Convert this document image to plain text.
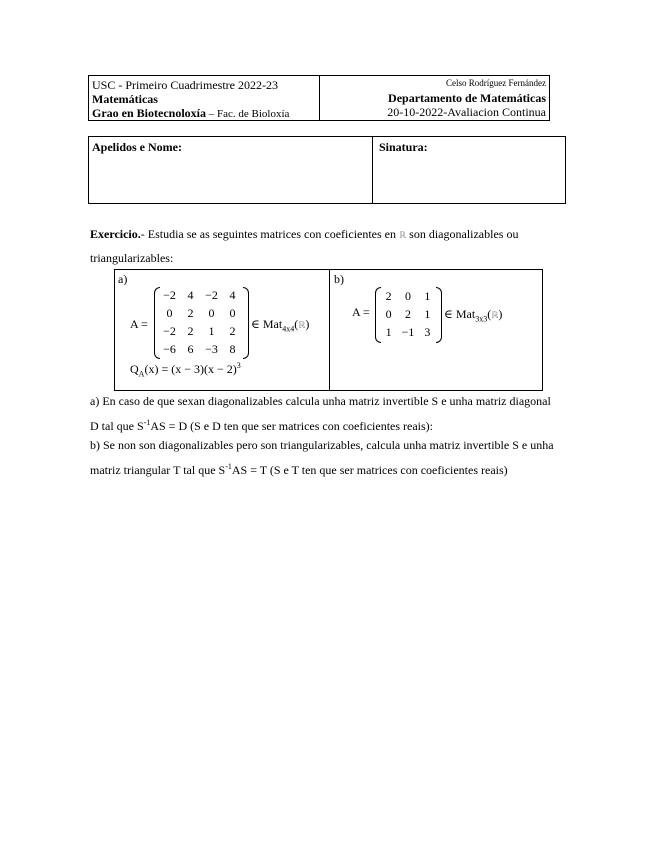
USC - Primeiro Cuadrimestre 2022-23
Matemáticas
Grao en Biotecnoloxía – Fac. de Bioloxía
Celso Rodríguez Fernández
Departamento de Matemáticas
20-10-2022-Avaliacion Continua
Apelidos e Nome:	Sinatura:
Exercicio.- Estudia se as seguintes matrices con coeficientes en ℝ son diagonalizables ou triangularizables:
a)
A =
−2 4 −2 4
0	2	0	0
−2 2	1	2
−6 6 −3 8
∈ Mat$_{4x4}$(ℝ)
$Q_A(x) = (x - 3)(x - 2)^3$
b)
A =
2	0	1
0	2	1
1 −1 3
∈ Mat$_{3x3}$(ℝ)
a) En caso de que sexan diagonalizables calcula unha matriz invertible S e unha matriz diagonal D tal que $S^{-1}AS = D$ (S e D ten que ser matrices con coeficientes reais):
b) Se non son diagonalizables pero son triangularizables, calcula unha matriz invertible S e unha matriz triangular T tal que $S^{-1}AS = T$ (S e T ten que ser matrices con coeficientes reais)
